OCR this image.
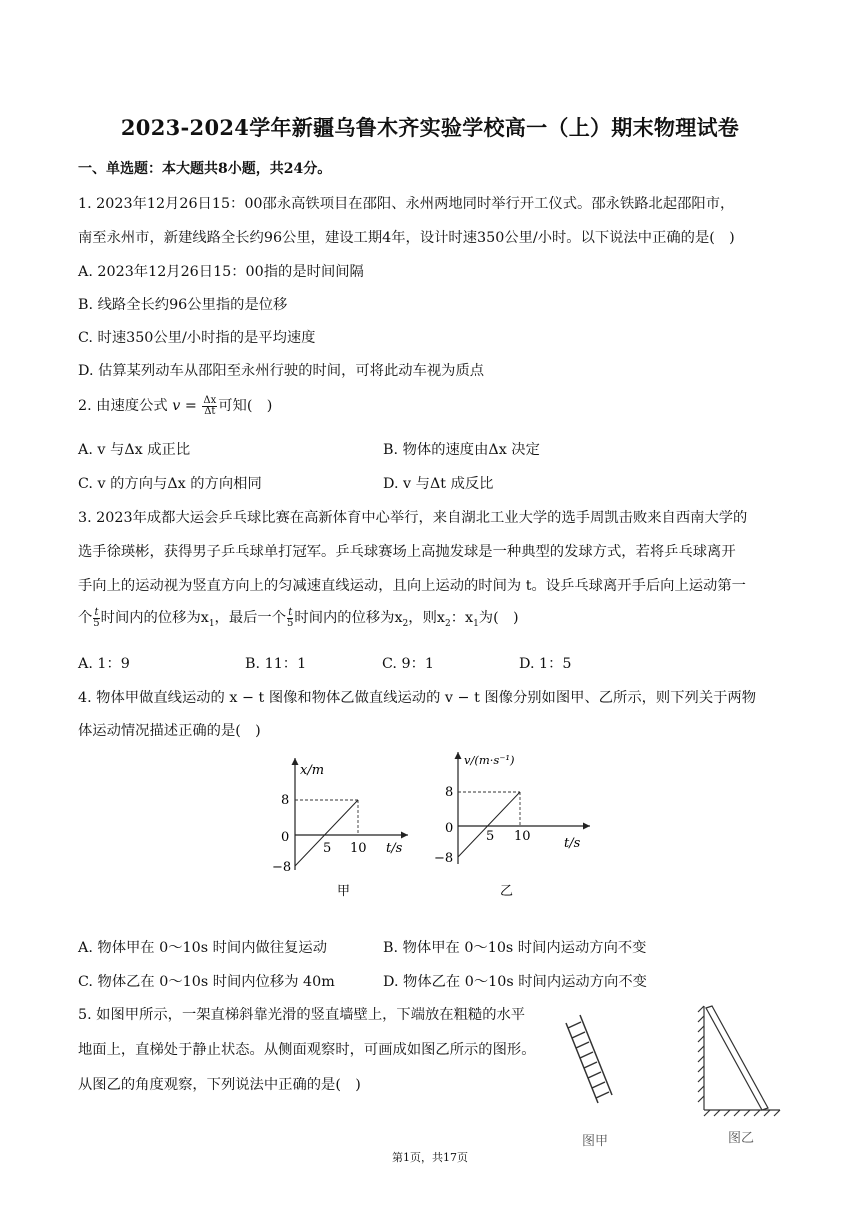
2023-2024学年新疆乌鲁木齐实验学校高一（上）期末物理试卷
一、单选题：本大题共8小题，共24分。
1. 2023年12月26日15：00邵永高铁项目在邵阳、永州两地同时举行开工仪式。邵永铁路北起邵阳市，
南至永州市，新建线路全长约96公里，建设工期4年，设计时速350公里/小时。以下说法中正确的是(　)
A. 2023年12月26日15：00指的是时间间隔
B. 线路全长约96公里指的是位移
C. 时速350公里/小时指的是平均速度
D. 估算某列动车从邵阳至永州行驶的时间，可将此动车视为质点
2. 由速度公式 $v = \frac{\Delta x}{\Delta t}$ 可知(　)
A. v 与Δx 成正比	B. 物体的速度由Δx 决定
C. v 的方向与Δx 的方向相同	D. v 与Δt 成反比
3. 2023年成都大运会乒乓球比赛在高新体育中心举行，来自湖北工业大学的选手周凯击败来自西南大学的
选手徐瑛彬，获得男子乒乓球单打冠军。乒乓球赛场上高抛发球是一种典型的发球方式，若将乒乓球离开
手向上的运动视为竖直方向上的匀减速直线运动，且向上运动的时间为 t。设乒乓球离开手后向上运动第一
个 $\frac{t}{5}$ 时间内的位移为$x_1$，最后一个 $\frac{t}{5}$ 时间内的位移为$x_2$，则$x_2$：$x_1$为(　)
A. 1：9	B. 11：1	C. 9：1	D. 1：5
4. 物体甲做直线运动的 x − t 图像和物体乙做直线运动的 v − t 图像分别如图甲、乙所示，则下列关于两物
体运动情况描述正确的是(　)
x/m
8
0
−8
5 10 t/s
甲
v/(m·s⁻¹)
8
0
−8
5 10	t/s
乙
A. 物体甲在 0～10s 时间内做往复运动	B. 物体甲在 0～10s 时间内运动方向不变
C. 物体乙在 0～10s 时间内位移为 40m	D. 物体乙在 0～10s 时间内运动方向不变
5. 如图甲所示，一架直梯斜靠光滑的竖直墙壁上，下端放在粗糙的水平
地面上，直梯处于静止状态。从侧面观察时，可画成如图乙所示的图形。
从图乙的角度观察，下列说法中正确的是(　)
图甲	图乙
第1页，共17页
